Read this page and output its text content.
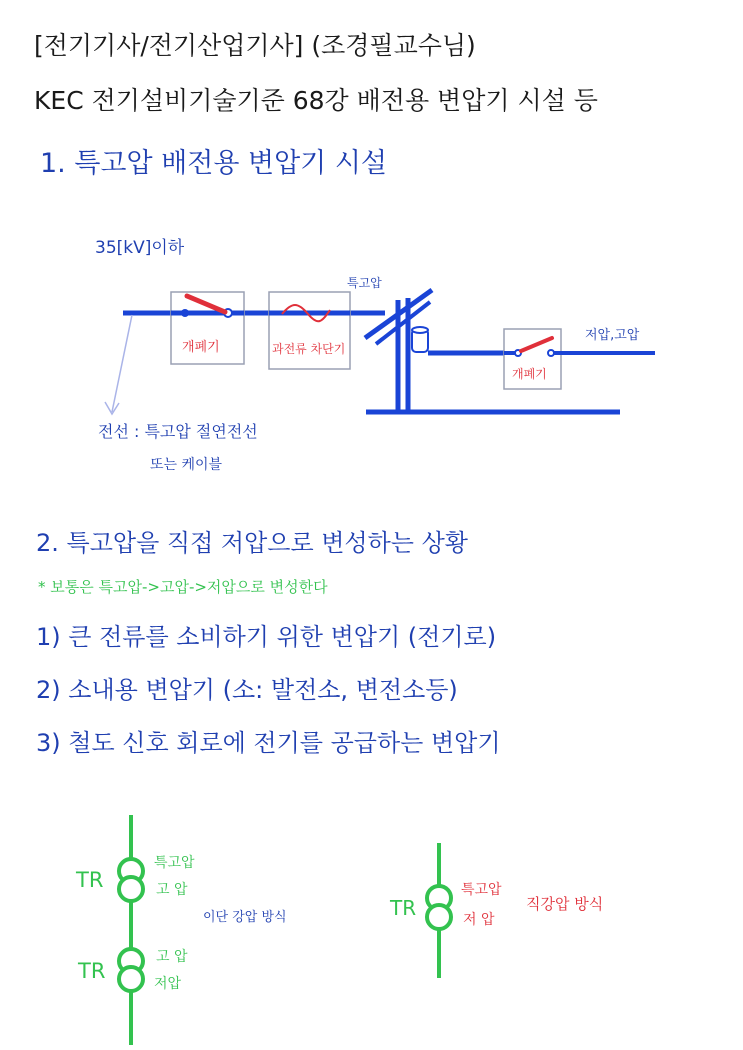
[전기기사/전기산업기사] (조경필교수님)
KEC 전기설비기술기준 68강 배전용 변압기 시설 등
1. 특고압 배전용 변압기 시설
35[kV]이하
개폐기	과전류 차단기
특고압
개폐기
저압,고압
전선 : 특고압 절연전선
또는 케이블
2. 특고압을 직접 저압으로 변성하는 상황
* 보통은 특고압->고압->저압으로 변성한다
1) 큰 전류를 소비하기 위한 변압기 (전기로)
2) 소내용 변압기 (소: 발전소, 변전소등)
3) 철도 신호 회로에 전기를 공급하는 변압기
TR
특고압
고 압
이단 강압 방식
TR
고 압
저압
TR
특고압
저 압
직강압 방식
